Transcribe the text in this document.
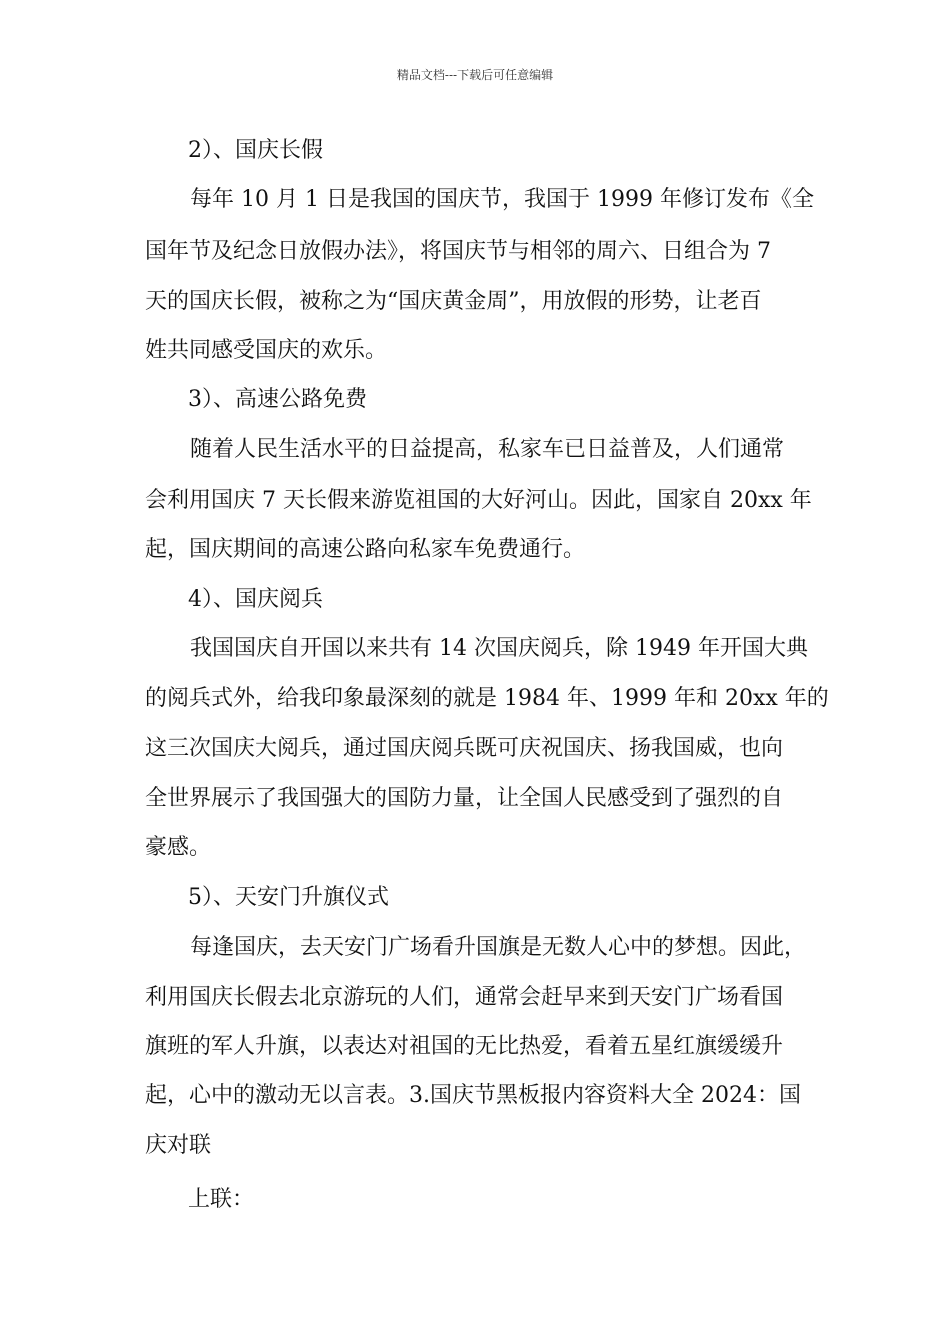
精品文档---下载后可任意编辑
2）、国庆长假
每年 10 月 1 日是我国的国庆节，我国于 1999 年修订发布《全
国年节及纪念日放假办法》，将国庆节与相邻的周六、日组合为 7
天的国庆长假，被称之为“国庆黄金周”，用放假的形势，让老百
姓共同感受国庆的欢乐。
3）、高速公路免费
随着人民生活水平的日益提高，私家车已日益普及，人们通常
会利用国庆 7 天长假来游览祖国的大好河山。因此，国家自 20xx 年
起，国庆期间的高速公路向私家车免费通行。
4）、国庆阅兵
我国国庆自开国以来共有 14 次国庆阅兵，除 1949 年开国大典
的阅兵式外，给我印象最深刻的就是 1984 年、1999 年和 20xx 年的
这三次国庆大阅兵，通过国庆阅兵既可庆祝国庆、扬我国威，也向
全世界展示了我国强大的国防力量，让全国人民感受到了强烈的自
豪感。
5）、天安门升旗仪式
每逢国庆，去天安门广场看升国旗是无数人心中的梦想。因此，
利用国庆长假去北京游玩的人们，通常会赶早来到天安门广场看国
旗班的军人升旗，以表达对祖国的无比热爱，看着五星红旗缓缓升
起，心中的激动无以言表。3.国庆节黑板报内容资料大全 2024：国
庆对联
上联：
